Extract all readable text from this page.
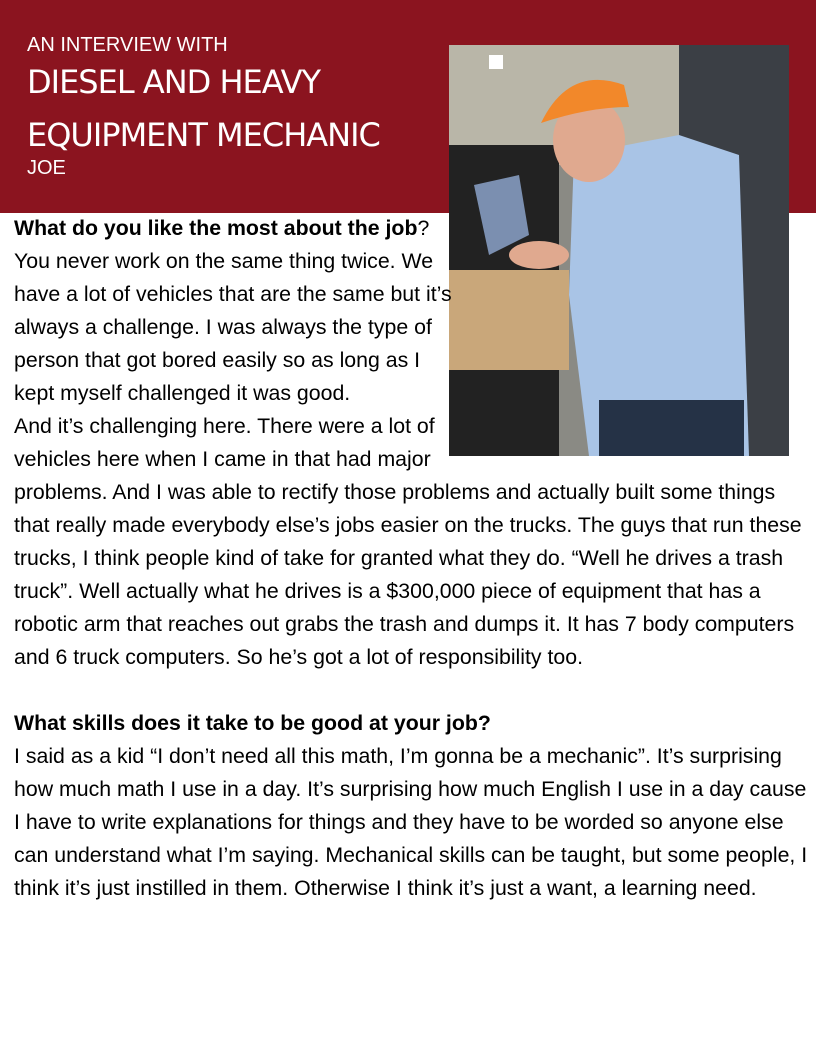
AN INTERVIEW WITH
DIESEL AND HEAVY
EQUIPMENT MECHANIC
JOE

What do you like the most about the job?

You never work on the same thing twice. We have a lot of vehicles that are the same but it’s always a challenge. I was always the type of person that got bored easily so as long as I kept myself challenged it was good.

And it’s challenging here. There were a lot of vehicles here when I came in that had major problems. And I was able to rectify those problems and actually built some things that really made everybody else’s jobs easier on the trucks. The guys that run these trucks, I think people kind of take for granted what they do. “Well he drives a trash truck”. Well actually what he drives is a $300,000 piece of equipment that has a robotic arm that reaches out grabs the trash and dumps it. It has 7 body computers and 6 truck computers. So he’s got a lot of responsibility too.

What skills does it take to be good at your job?

I said as a kid “I don’t need all this math, I’m gonna be a mechanic”. It’s surprising how much math I use in a day. It’s surprising how much English I use in a day cause I have to write explanations for things and they have to be worded so anyone else can understand what I’m saying. Mechanical skills can be taught, but some people, I think it’s just instilled in them. Otherwise I think it’s just a want, a learning need.
